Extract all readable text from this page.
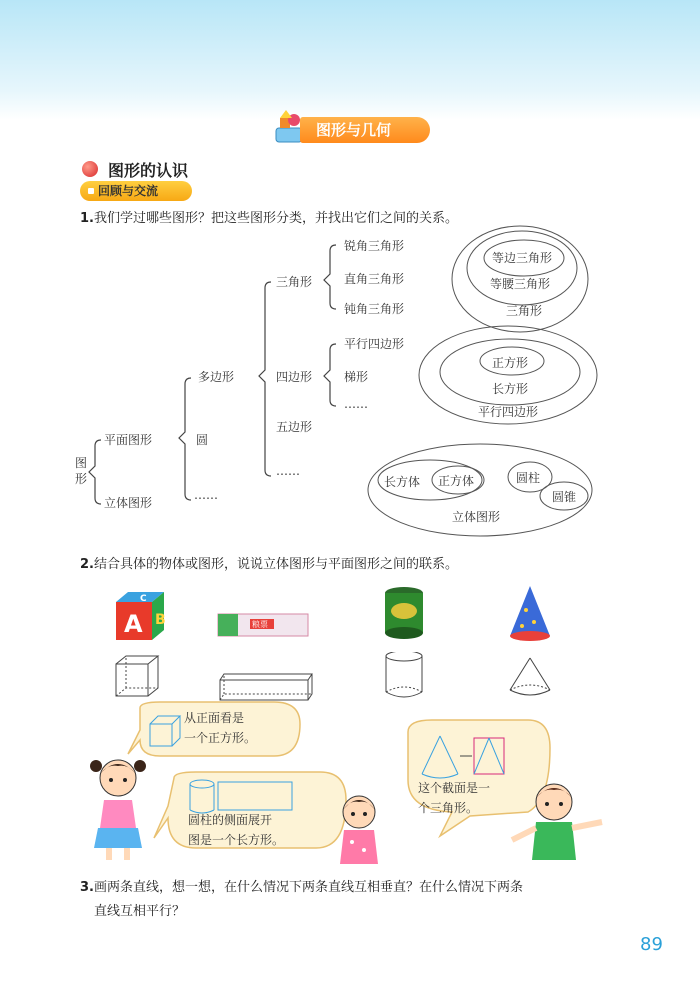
图形与几何
图形的认识
回顾与交流
1.我们学过哪些图形？把这些图形分类，并找出它们之间的关系。
图形
平面图形
立体图形
……
多边形
圆
三角形
四边形
五边形
……
锐角三角形
直角三角形
钝角三角形
平行四边形
梯形
……
等边三角形
等腰三角形
三角形
正方形
长方形
平行四边形
长方体 正方体	圆柱
圆锥
立体图形
2.结合具体的物体或图形，说说立体图形与平面图形之间的联系。
A B
C
粮票
从正面看是
一个正方形。
圆柱的侧面展开
图是一个长方形。
这个截面是一
个三角形。
3.画两条直线，想一想，在什么情况下两条直线互相垂直？在什么情况下两条
直线互相平行？
89
